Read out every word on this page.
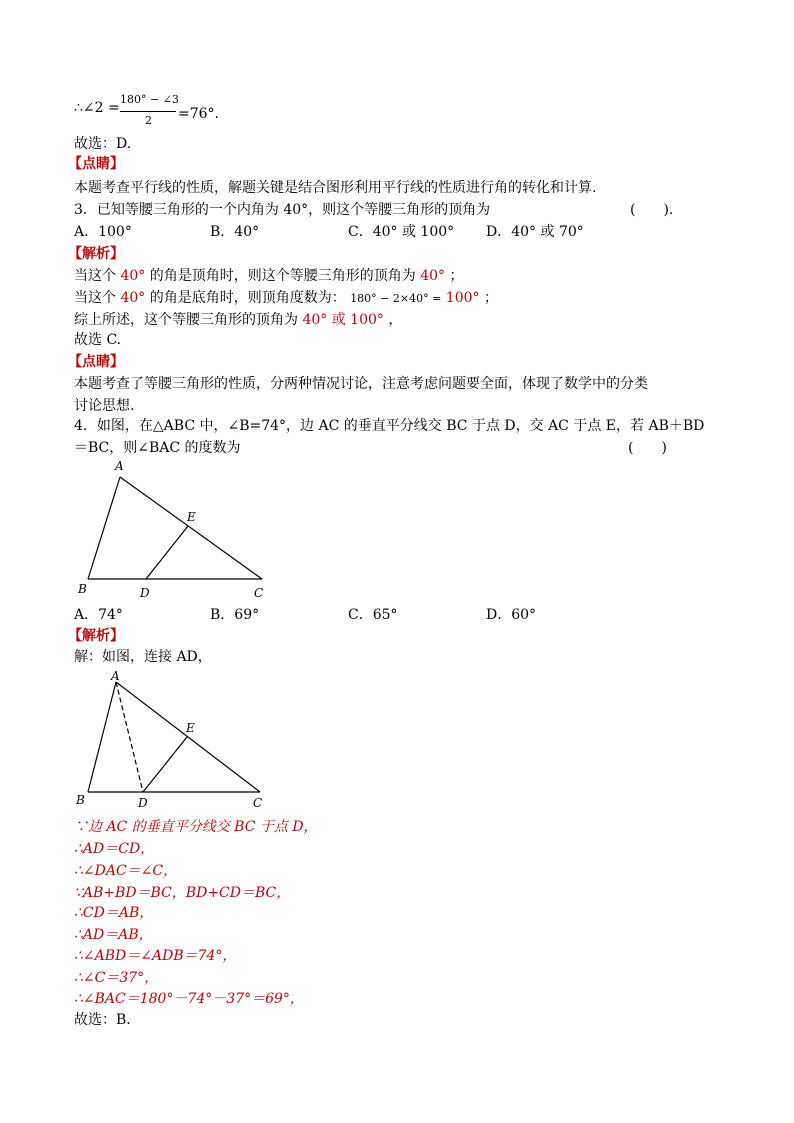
∴∠2 =
180° − ∠3
2 =76°.
故选：D.
【点睛】
本题考查平行线的性质，解题关键是结合图形利用平行线的性质进行角的转化和计算.
3．已知等腰三角形的一个内角为 40°，则这个等腰三角形的顶角为	(　　).
A．100°	B．40°	C．40° 或 100° D．40° 或 70°
【解析】
当这个 40° 的角是顶角时，则这个等腰三角形的顶角为 40° ；
当这个 40° 的角是底角时，则顶角度数为： 180° − 2×40° = 100° ；
综上所述，这个等腰三角形的顶角为 40° 或 100° ，
故选 C.
【点睛】
本题考查了等腰三角形的性质，分两种情况讨论，注意考虑问题要全面，体现了数学中的分类
讨论思想.
4．如图，在△ABC 中，∠B=74°，边 AC 的垂直平分线交 BC 于点 D，交 AC 于点 E，若 AB＋BD
＝BC，则∠BAC 的度数为	(　　)
A
B	C
D
E
A．74°	B．69°	C．65°	D．60°
【解析】
解：如图，连接 AD，
A
B	C
D
E
∵边 AC 的垂直平分线交 BC 于点 D，
∴AD＝CD，
∴∠DAC＝∠C，
∵AB+BD＝BC，BD+CD＝BC，
∴CD＝AB，
∴AD＝AB，
∴∠ABD＝∠ADB＝74°，
∴∠C＝37°，
∴∠BAC＝180°－74°－37°＝69°，
故选：B.
